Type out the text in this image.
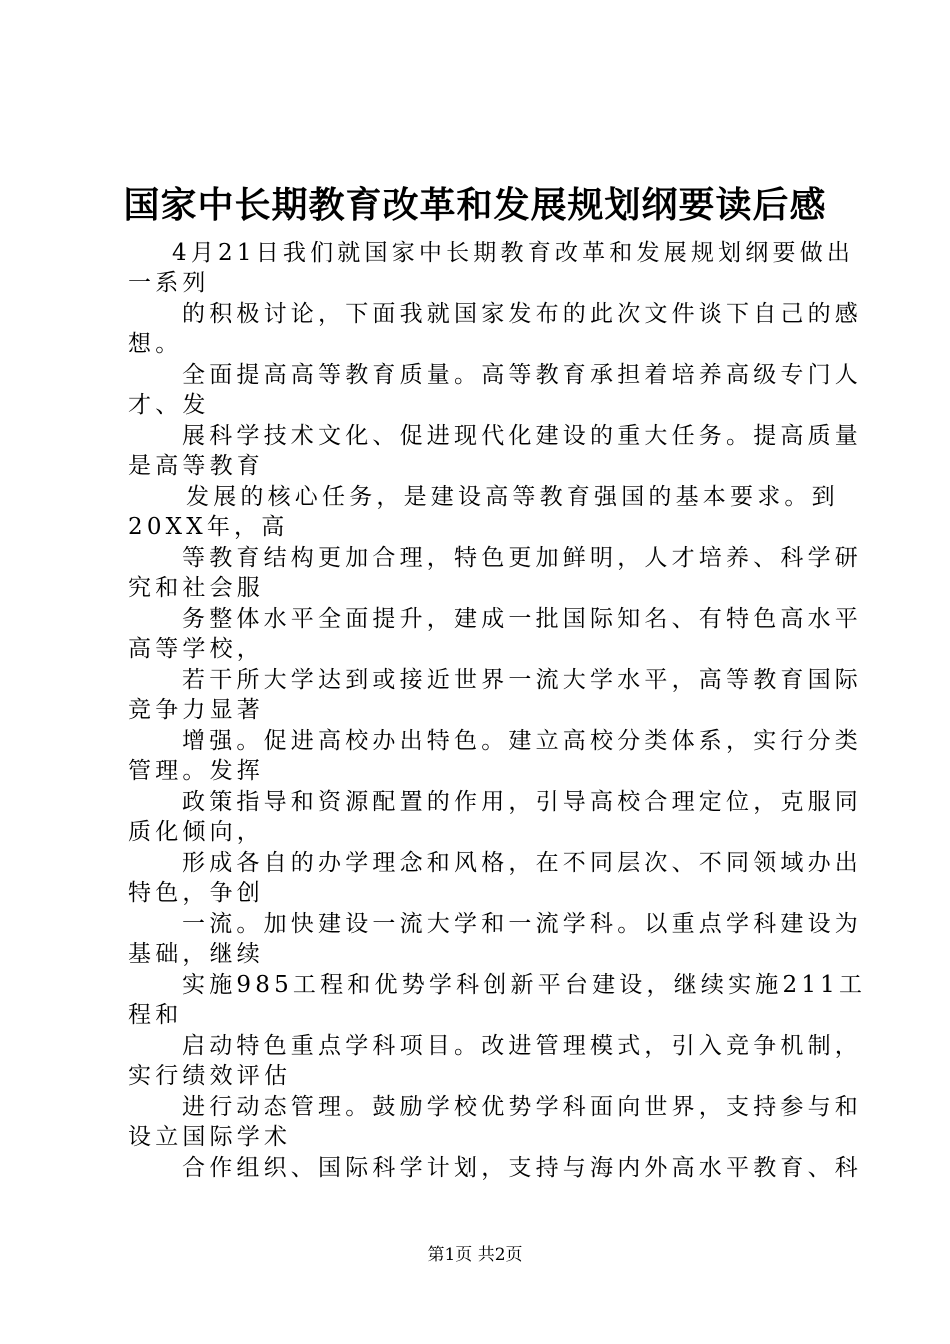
国家中长期教育改革和发展规划纲要读后感
4月21日我们就国家中长期教育改革和发展规划纲要做出
一系列
的积极讨论，下面我就国家发布的此次文件谈下自己的感
想。
全面提高高等教育质量。高等教育承担着培养高级专门人
才、发
展科学技术文化、促进现代化建设的重大任务。提高质量
是高等教育
发展的核心任务，是建设高等教育强国的基本要求。到
20XX年，高
等教育结构更加合理，特色更加鲜明，人才培养、科学研
究和社会服
务整体水平全面提升，建成一批国际知名、有特色高水平
高等学校，
若干所大学达到或接近世界一流大学水平，高等教育国际
竞争力显著
增强。促进高校办出特色。建立高校分类体系，实行分类
管理。发挥
政策指导和资源配置的作用，引导高校合理定位，克服同
质化倾向，
形成各自的办学理念和风格，在不同层次、不同领域办出
特色，争创
一流。加快建设一流大学和一流学科。以重点学科建设为
基础，继续
实施985工程和优势学科创新平台建设，继续实施211工
程和
启动特色重点学科项目。改进管理模式，引入竞争机制，
实行绩效评估
进行动态管理。鼓励学校优势学科面向世界，支持参与和
设立国际学术
合作组织、国际科学计划，支持与海内外高水平教育、科
第1页 共2页
